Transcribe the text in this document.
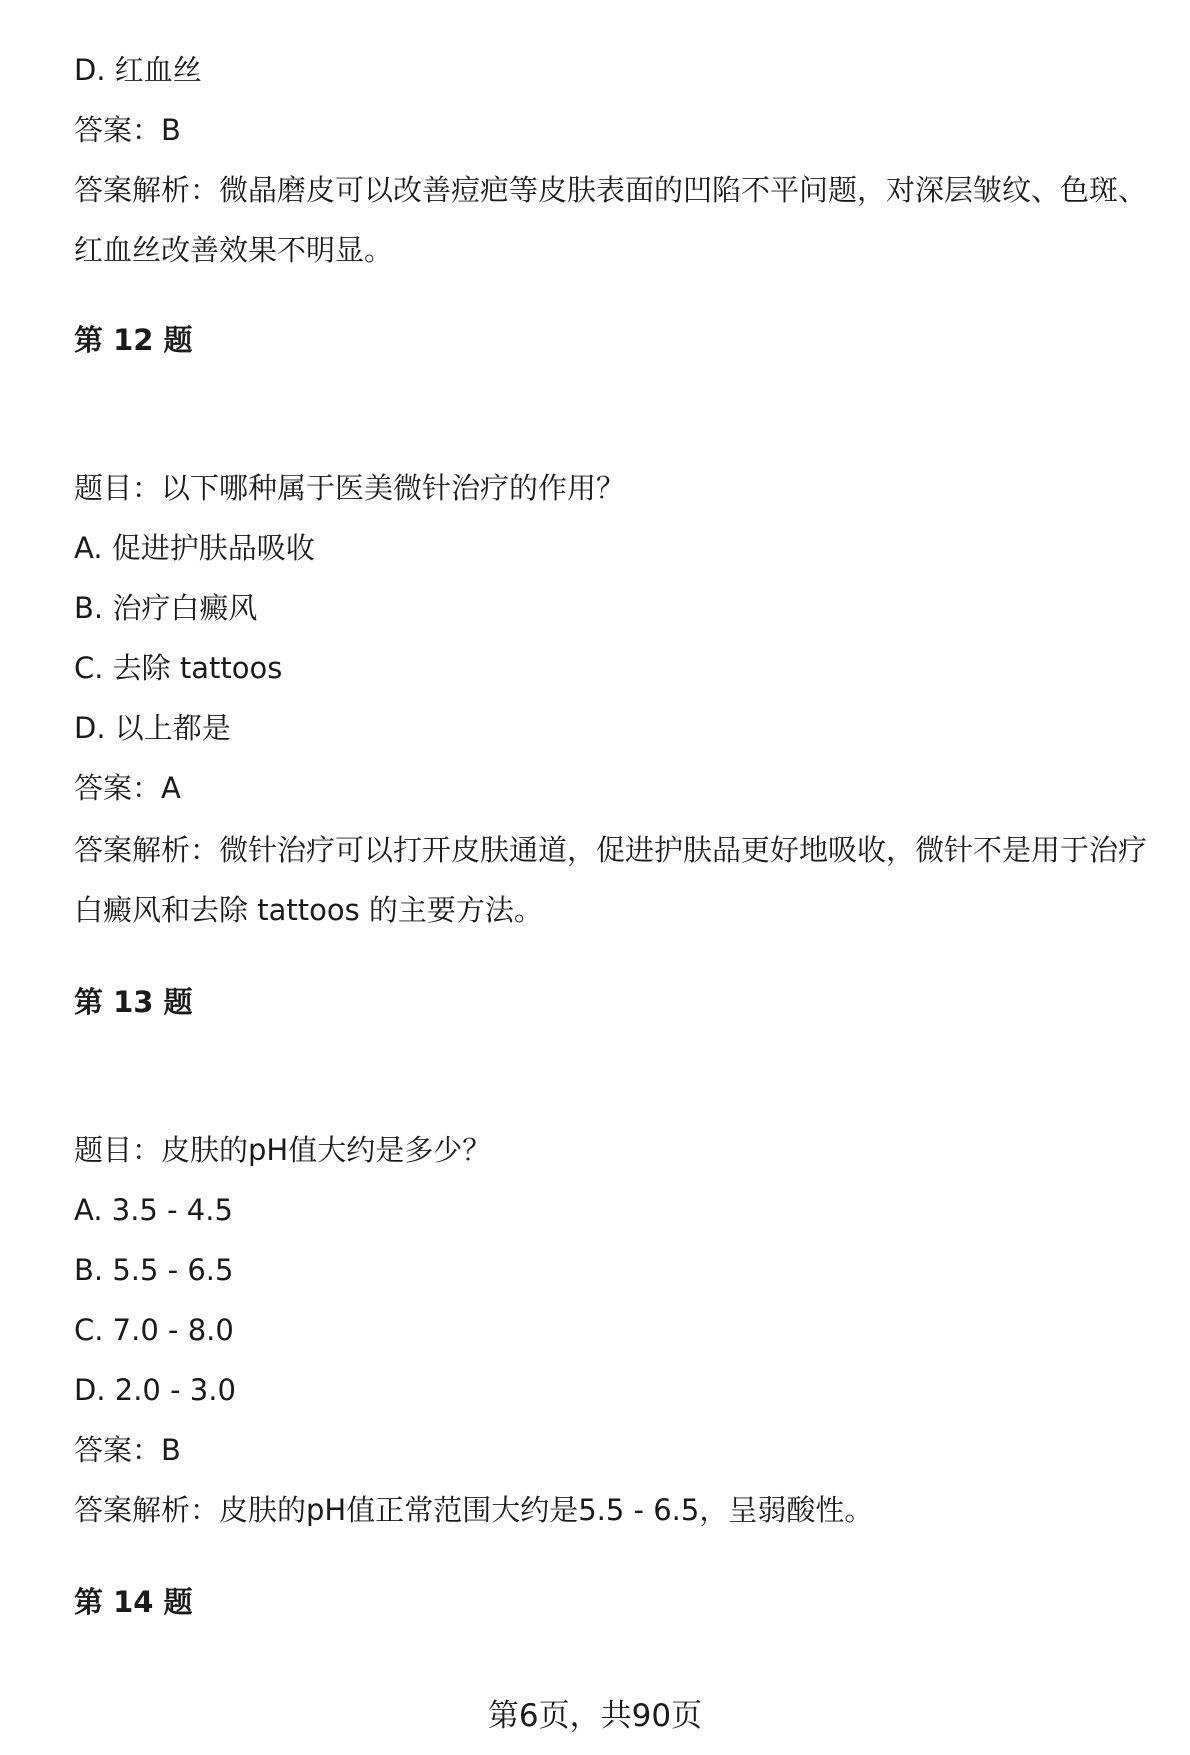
D. 红血丝
答案：B
答案解析：微晶磨皮可以改善痘疤等皮肤表面的凹陷不平问题，对深层皱纹、色斑、红血丝改善效果不明显。
第 12 题
题目：以下哪种属于医美微针治疗的作用？
A. 促进护肤品吸收
B. 治疗白癜风
C. 去除 tattoos
D. 以上都是
答案：A
答案解析：微针治疗可以打开皮肤通道，促进护肤品更好地吸收，微针不是用于治疗白癜风和去除 tattoos 的主要方法。
第 13 题
题目：皮肤的pH值大约是多少？
A. 3.5 - 4.5
B. 5.5 - 6.5
C. 7.0 - 8.0
D. 2.0 - 3.0
答案：B
答案解析：皮肤的pH值正常范围大约是5.5 - 6.5，呈弱酸性。
第 14 题
第6页，共90页
